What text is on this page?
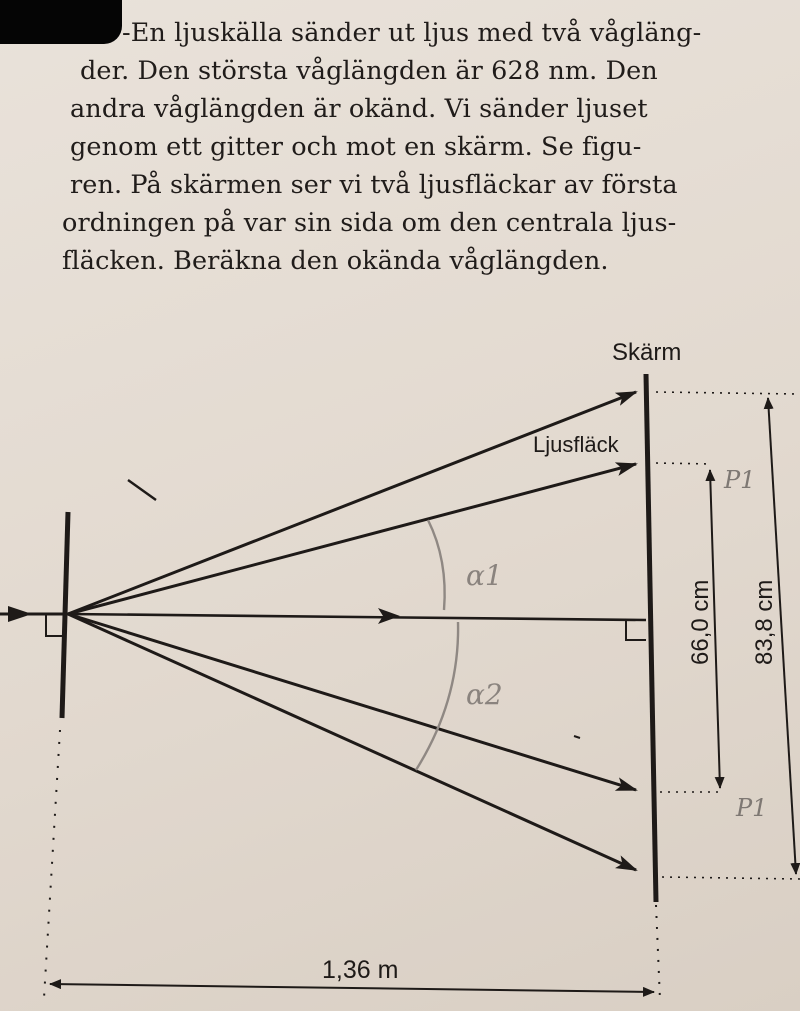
-En ljuskälla sänder ut ljus med två vågläng-
der. Den största våglängden är 628 nm. Den
andra våglängden är okänd. Vi sänder ljuset
genom ett gitter och mot en skärm. Se figu-
ren. På skärmen ser vi två ljusfläckar av första
ordningen på var sin sida om den centrala ljus-
fläcken. Beräkna den okända våglängden.
Skärm
Ljusfläck
66,0 cm 83,8 cm
1,36 m
α1
α2
P1
P1
